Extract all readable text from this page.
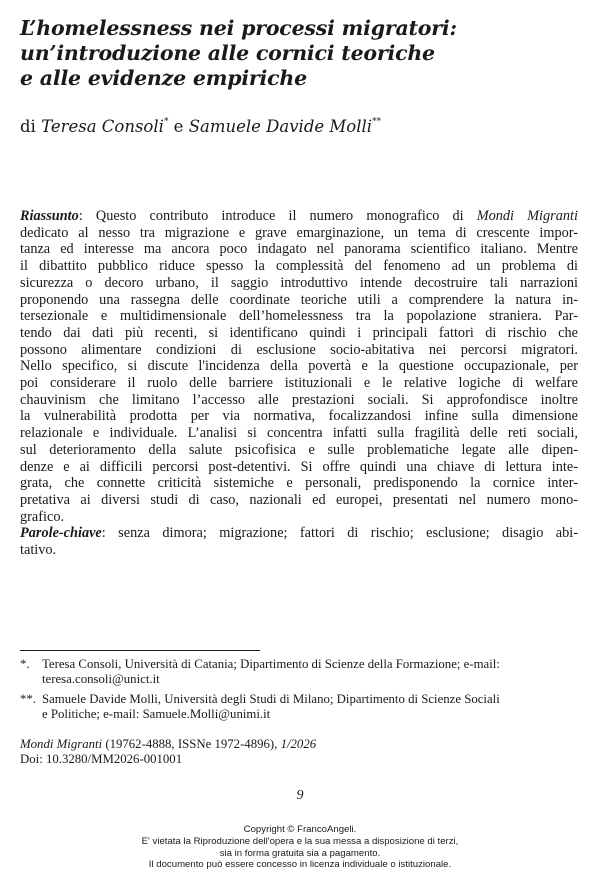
L’homelessness nei processi migratori:
un’introduzione alle cornici teoriche
e alle evidenze empiriche
di Teresa Consoli* e Samuele Davide Molli**
Riassunto: Questo contributo introduce il numero monografico di Mondi Migranti
dedicato al nesso tra migrazione e grave emarginazione, un tema di crescente impor-
tanza ed interesse ma ancora poco indagato nel panorama scientifico italiano. Mentre
il dibattito pubblico riduce spesso la complessità del fenomeno ad un problema di
sicurezza o decoro urbano, il saggio introduttivo intende decostruire tali narrazioni
proponendo una rassegna delle coordinate teoriche utili a comprendere la natura in-
tersezionale e multidimensionale dell’homelessness tra la popolazione straniera. Par-
tendo dai dati più recenti, si identificano quindi i principali fattori di rischio che
possono alimentare condizioni di esclusione socio-abitativa nei percorsi migratori.
Nello specifico, si discute l'incidenza della povertà e la questione occupazionale, per
poi considerare il ruolo delle barriere istituzionali e le relative logiche di welfare
chauvinism che limitano l’accesso alle prestazioni sociali. Si approfondisce inoltre
la vulnerabilità prodotta per via normativa, focalizzandosi infine sulla dimensione
relazionale e individuale. L’analisi si concentra infatti sulla fragilità delle reti sociali,
sul deterioramento della salute psicofisica e sulle problematiche legate alle dipen-
denze e ai difficili percorsi post-detentivi. Si offre quindi una chiave di lettura inte-
grata, che connette criticità sistemiche e personali, predisponendo la cornice inter-
pretativa ai diversi studi di caso, nazionali ed europei, presentati nel numero mono-
grafico.
Parole-chiave: senza dimora; migrazione; fattori di rischio; esclusione; disagio abi-
tativo.
*. Teresa Consoli, Università di Catania; Dipartimento di Scienze della Formazione; e-mail:
teresa.consoli@unict.it
**. Samuele Davide Molli, Università degli Studi di Milano; Dipartimento di Scienze Sociali
e Politiche; e-mail: Samuele.Molli@unimi.it
Mondi Migranti (19762-4888, ISSNe 1972-4896), 1/2026
Doi: 10.3280/MM2026-001001
9
Copyright © FrancoAngeli.
E' vietata la Riproduzione dell'opera e la sua messa a disposizione di terzi,
sia in forma gratuita sia a pagamento.
Il documento può essere concesso in licenza individuale o istituzionale.
